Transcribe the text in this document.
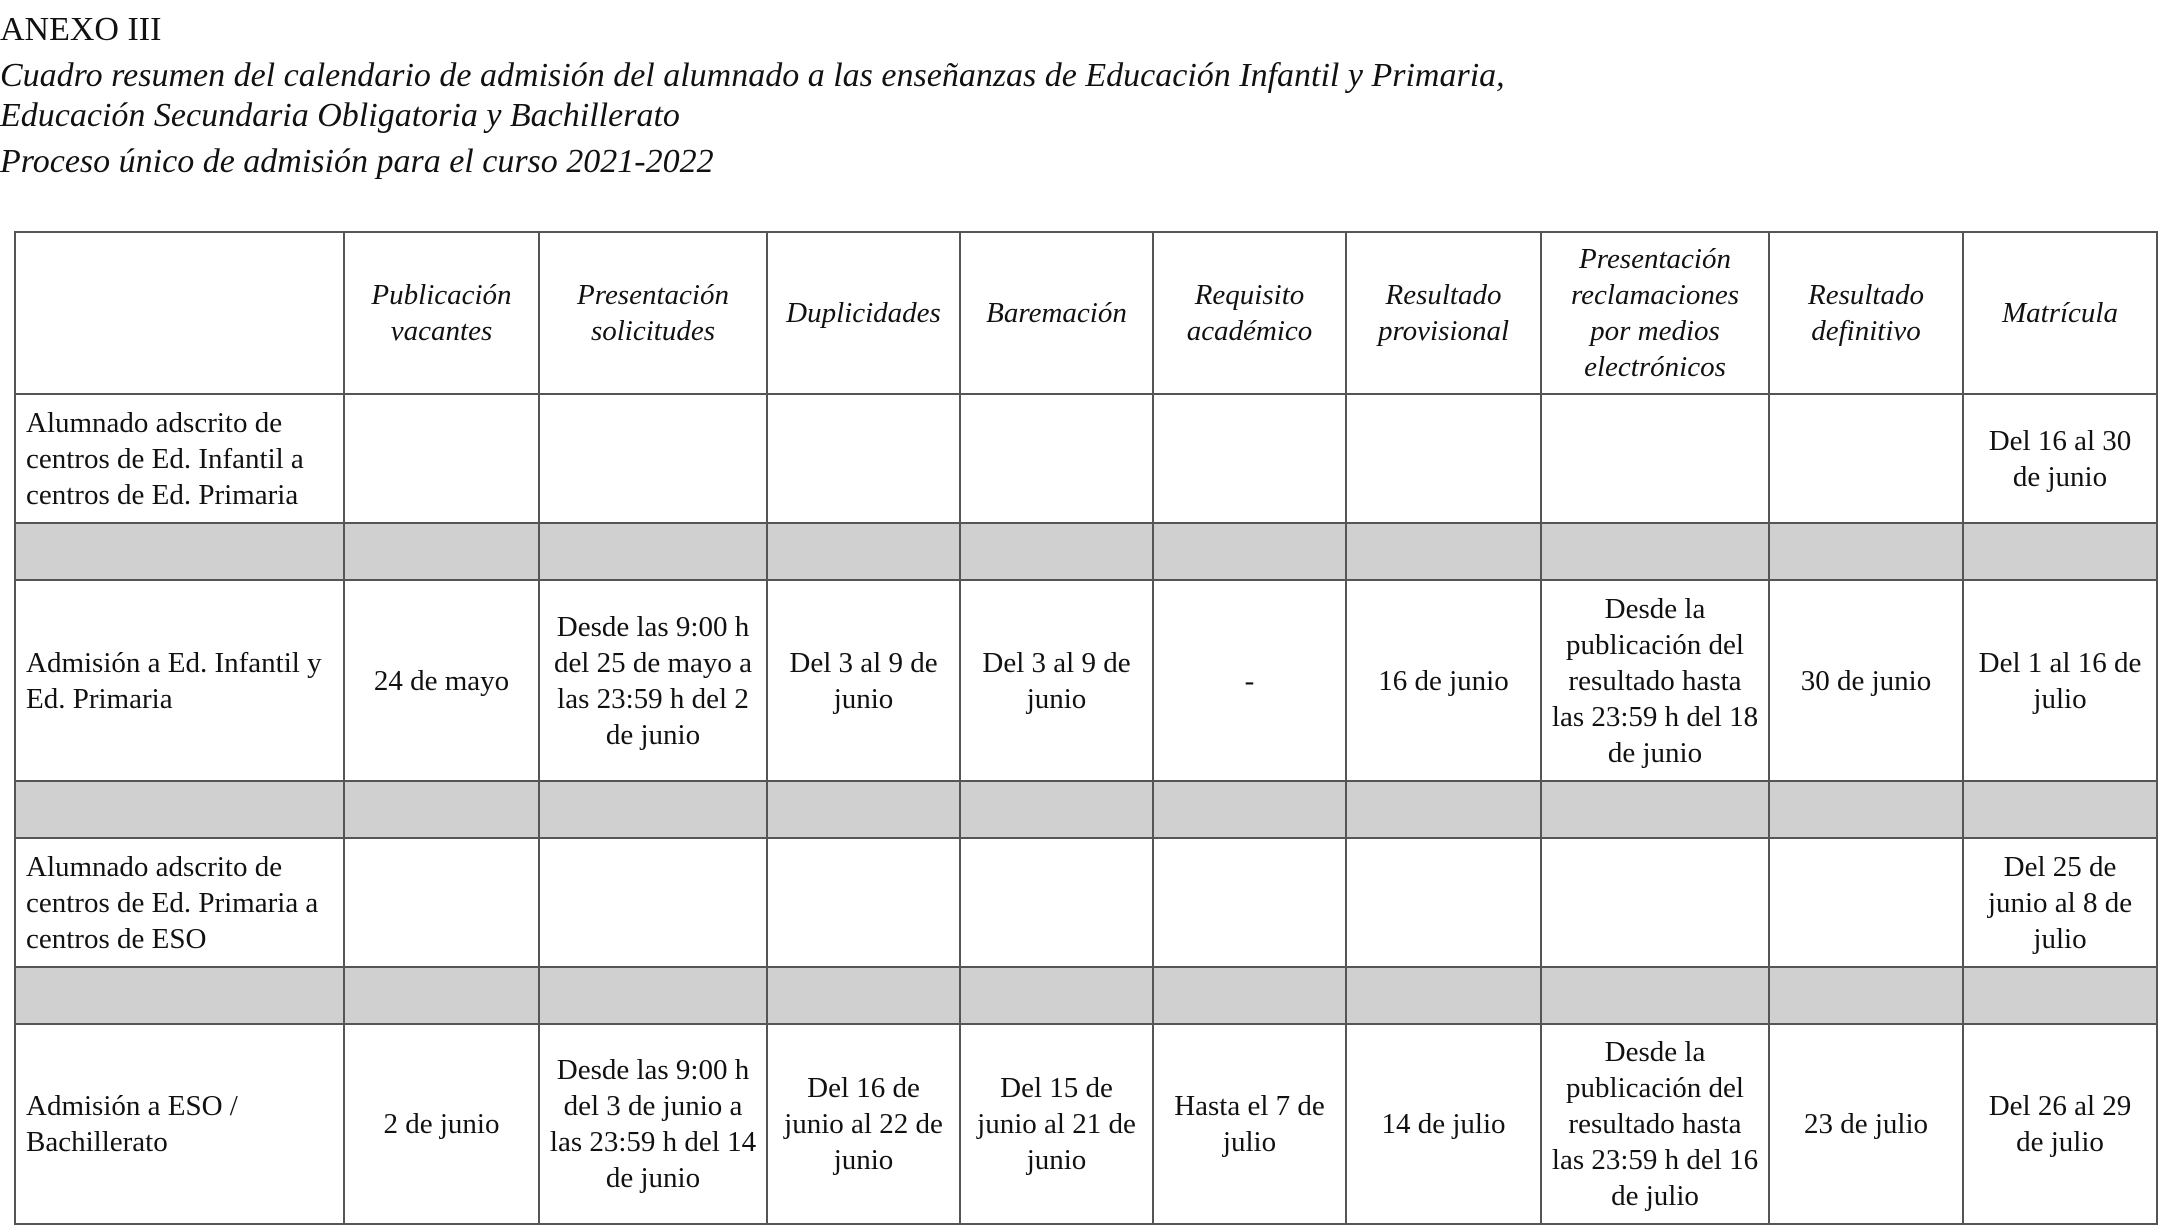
ANEXO III
Cuadro resumen del calendario de admisión del alumnado a las enseñanzas de Educación Infantil y Primaria,
Educación Secundaria Obligatoria y Bachillerato
Proceso único de admisión para el curso 2021-2022
	Publicación vacantes	Presentación solicitudes	Duplicidades	Baremación	Requisito académico	Resultado provisional	Presentación reclamaciones por medios electrónicos	Resultado definitivo	Matrícula
Alumnado adscrito de centros de Ed. Infantil a centros de Ed. Primaria									Del 16 al 30 de junio

Admisión a Ed. Infantil y Ed. Primaria	24 de mayo	Desde las 9:00 h del 25 de mayo a las 23:59 h del 2 de junio	Del 3 al 9 de junio	Del 3 al 9 de junio	-	16 de junio	Desde la publicación del resultado hasta las 23:59 h del 18 de junio	30 de junio	Del 1 al 16 de julio

Alumnado adscrito de centros de Ed. Primaria a centros de ESO									Del 25 de junio al 8 de julio

Admisión a ESO / Bachillerato	2 de junio	Desde las 9:00 h del 3 de junio a las 23:59 h del 14 de junio	Del 16 de junio al 22 de junio	Del 15 de junio al 21 de junio	Hasta el 7 de julio	14 de julio	Desde la publicación del resultado hasta las 23:59 h del 16 de julio	23 de julio	Del 26 al 29 de julio
